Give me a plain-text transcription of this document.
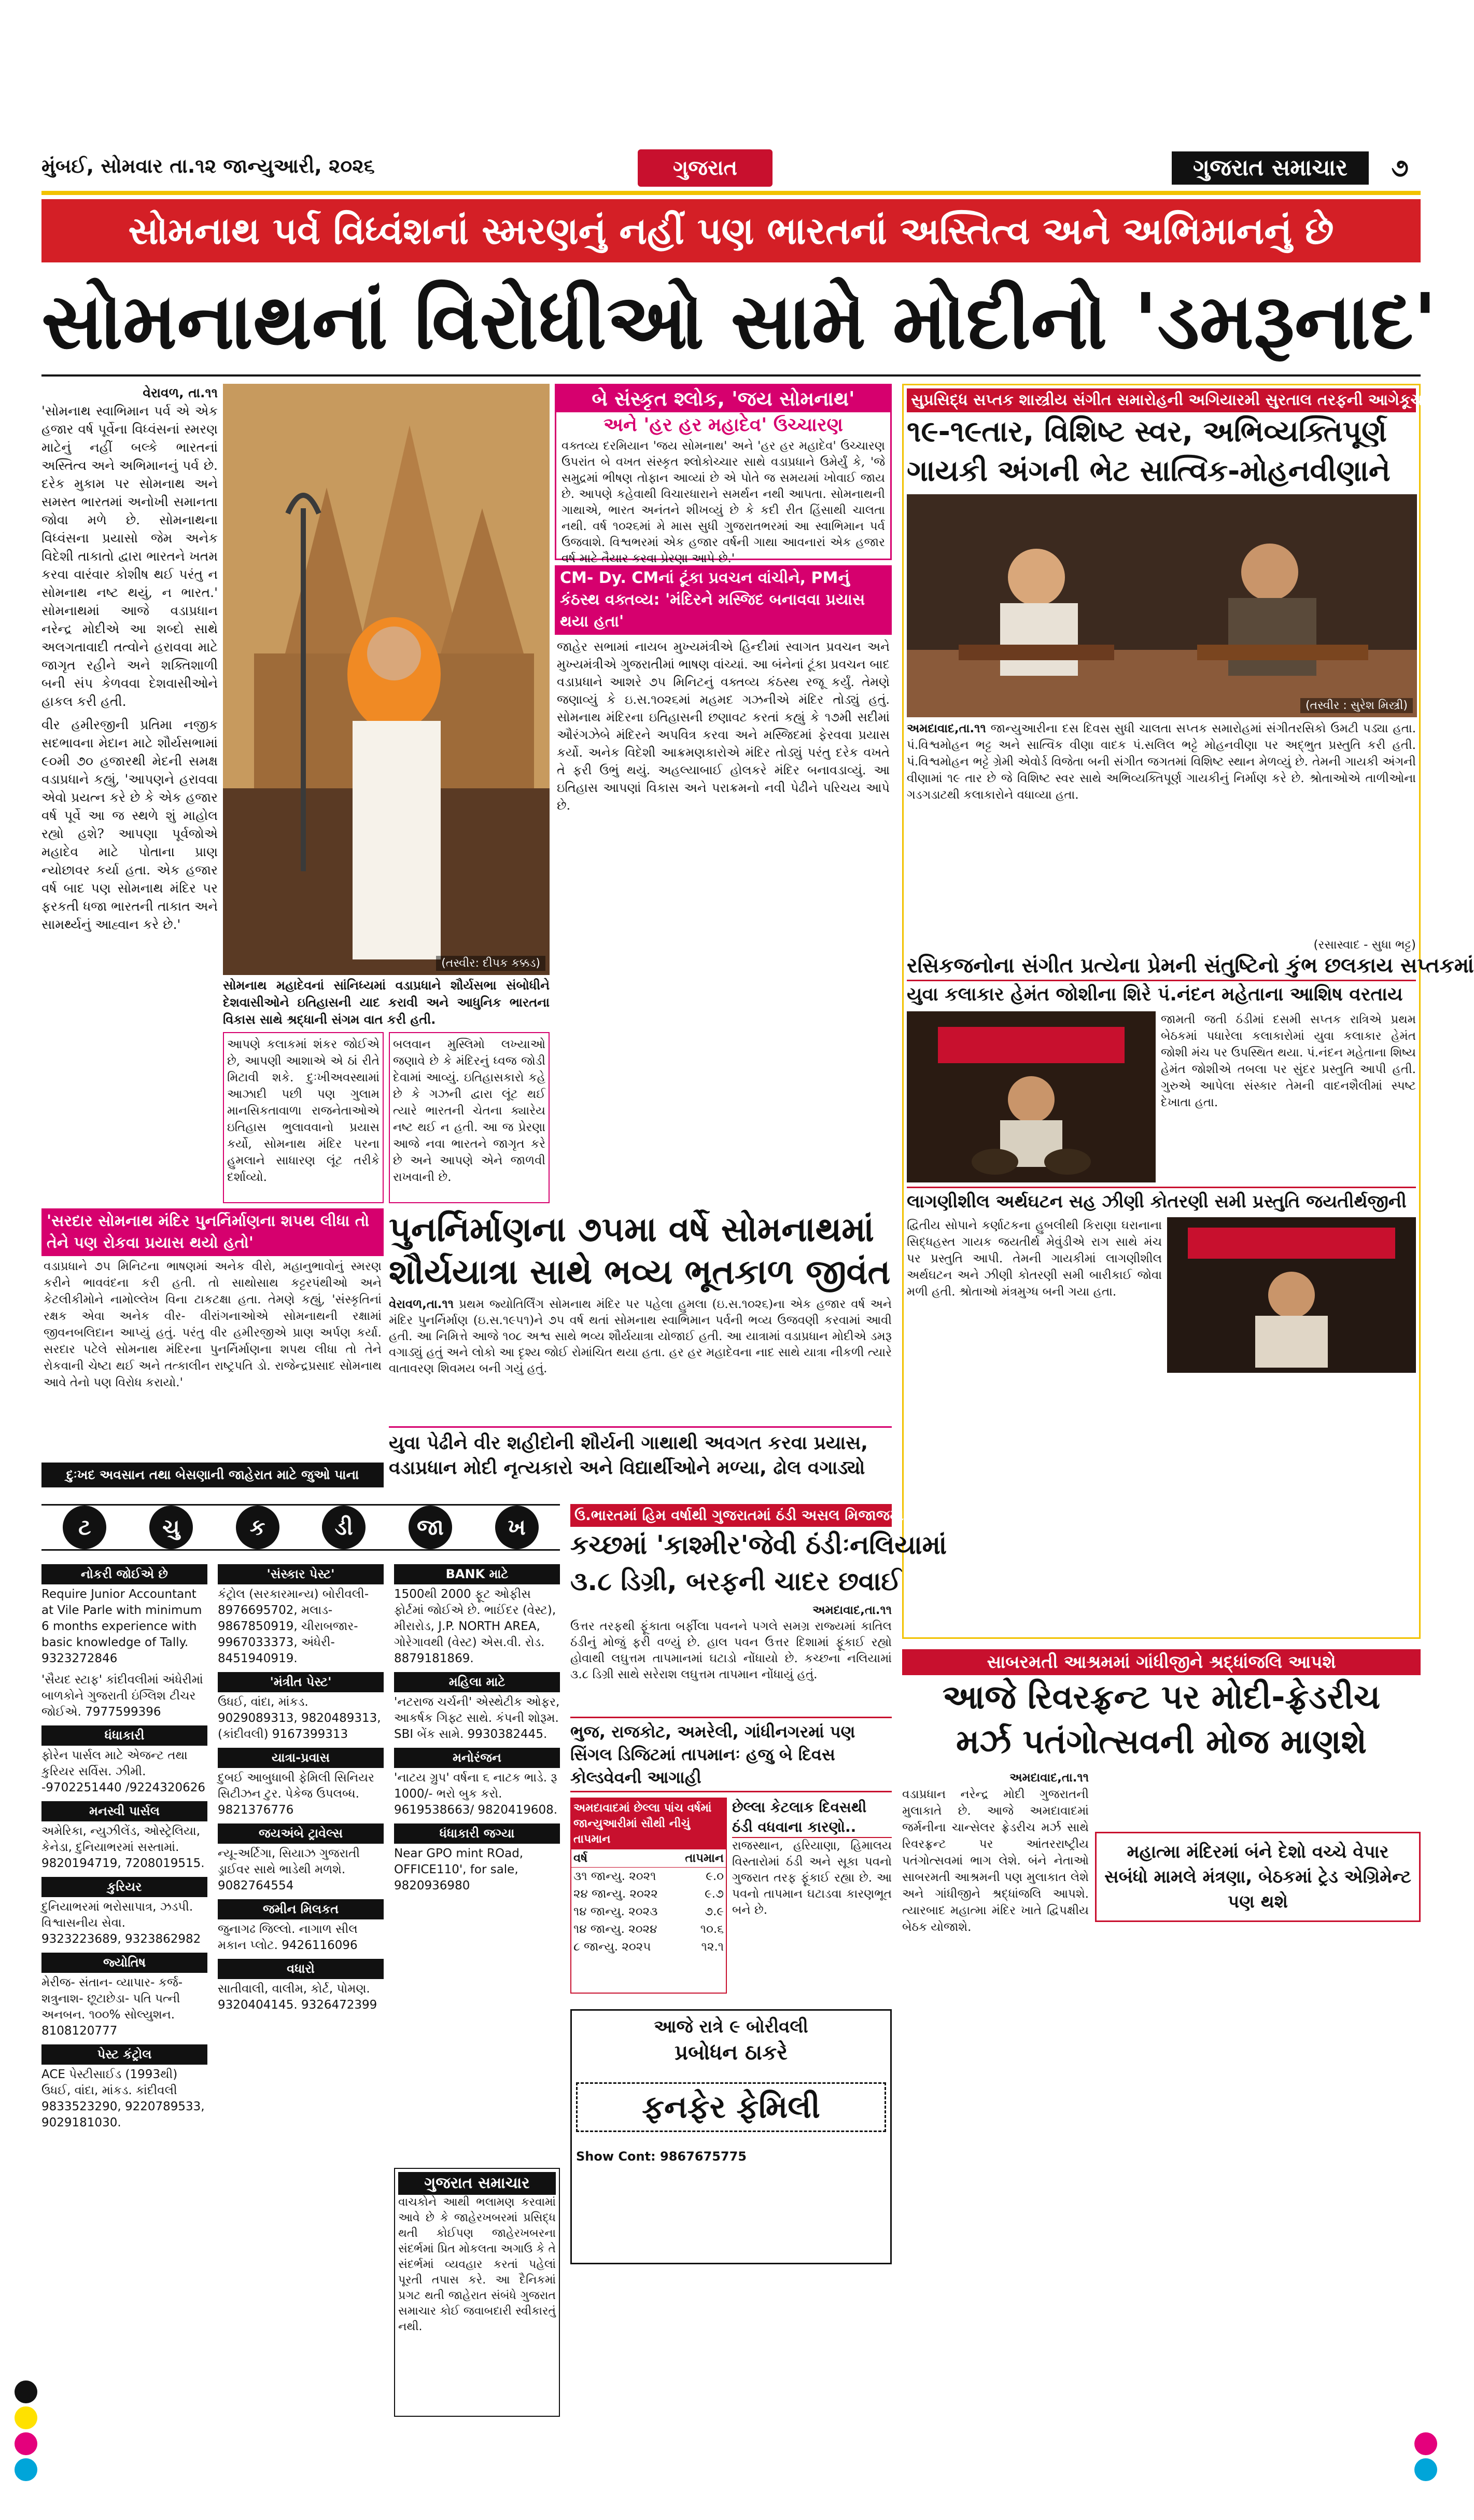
મુંબઈ, સોમવાર તા.૧૨ જાન્યુઆરી, ૨૦૨૬	ગુજરાત	ગુજરાત સમાચાર	૭
સોમનાથ પર્વ વિધ્વંશનાં સ્મરણનું નહીં પણ ભારતનાં અસ્તિત્વ અને અભિમાનનું છે
સોમનાથનાં વિરોધીઓ સામે મોદીનો 'ડમરૂનાદ'
વેરાવળ, તા.૧૧
'સોમનાથ સ્વાભિમાન પર્વ એ એક હજાર વર્ષ પૂર્વેના વિધ્વંસનાં સ્મરણ માટેનું નહીં બલ્કે ભારતનાં અસ્તિત્વ અને અભિમાનનું પર્વ છે. દરેક મુકામ પર સોમનાથ અને સમસ્ત ભારતમાં અનોખી સમાનતા જોવા મળે છે. સોમનાથના વિધ્વંસના પ્રયાસો જેમ અનેક વિદેશી તાકાતો દ્વારા ભારતને ખતમ કરવા વારંવાર કોશીષ થઈ પરંતુ ન સોમનાથ નષ્ટ થયું, ન ભારત.' સોમનાથમાં આજે વડાપ્રધાન નરેન્દ્ર મોદીએ આ શબ્દો સાથે અલગતાવાદી તત્વોને હરાવવા માટે જાગૃત રહીને અને શક્તિશાળી બની સંપ કેળવવા દેશવાસીઓને હાકલ કરી હતી.
વીર હમીરજીની પ્રતિમા નજીક સદભાવના મેદાન માટે શૌર્યસભામાં ૯૦મી ૭૦ હજારથી મેદની સમક્ષ વડાપ્રધાને કહ્યું, 'આપણને હરાવવા એવો પ્રયત્ન કરે છે કે એક હજાર વર્ષ પૂર્વે આ જ સ્થળે શું માહોલ રહ્યો હશે? આપણા પૂર્વજોએ મહાદેવ માટે પોતાના પ્રાણ ન્યોછાવર કર્યા હતા. એક હજાર વર્ષ બાદ પણ સોમનાથ મંદિર પર ફરકતી ધજા ભારતની તાકાત અને સામર્થ્યનું આહ્વાન કરે છે.'
(તસ્વીર: દીપક કક્કડ)
સોમનાથ મહાદેવનાં સાંનિધ્યમાં વડાપ્રધાને શૌર્યસભા સંબોધીને દેશવાસીઓને ઇતિહાસની યાદ કરાવી અને આધુનિક ભારતના વિકાસ સાથે શ્રદ્ધાની સંગમ વાત કરી હતી.
બે સંસ્કૃત શ્લોક, 'જય સોમનાથ'
અને 'હર હર મહાદેવ' ઉચ્ચારણ
વક્તવ્ય દરમિયાન 'જય સોમનાથ' અને 'હર હર મહાદેવ' ઉચ્ચારણ ઉપરાંત બે વખત સંસ્કૃત શ્લોકોચ્ચાર સાથે વડાપ્રધાને ઉમેર્યું કે, 'જે સમુદ્રમાં ભીષણ તોફાન આવ્યાં છે એ પોતે જ સમયમાં ખોવાઈ જાય છે. આપણે કહેવાથી વિચારધારાને સમર્થન નથી આપતા. સોમનાથની ગાથાએ, ભારત અનંતને શીખવ્યું છે કે કદી રીત હિંસાથી ચાલતા નથી. વર્ષ ૧૦૨૬માં મે માસ સુધી ગુજરાતભરમાં આ સ્વાભિમાન પર્વ ઉજવાશે. વિશ્વભરમાં એક હજાર વર્ષની ગાથા આવનારાં એક હજાર વર્ષ માટે તૈયાર કરવા પ્રેરણા આપે છે.'
CM- Dy. CMનાં ટૂંકા પ્રવચન વાંચીને, PMનું કંઠસ્થ વક્તવ્ય: 'મંદિરને મસ્જિદ બનાવવા પ્રયાસ થયા હતા'
જાહેર સભામાં નાયબ મુખ્યમંત્રીએ હિન્દીમાં સ્વાગત પ્રવચન અને મુખ્યમંત્રીએ ગુજરાતીમાં ભાષણ વાંચ્યાં. આ બંનેનાં ટૂંકા પ્રવચન બાદ વડાપ્રધાને આશરે ૭૫ મિનિટનું વક્તવ્ય કંઠસ્થ રજૂ કર્યું. તેમણે જણાવ્યું કે ઇ.સ.૧૦૨૬માં મહમદ ગઝનીએ મંદિર તોડ્યું હતું. સોમનાથ મંદિરના ઇતિહાસની છણાવટ કરતાં કહ્યું કે ૧૭મી સદીમાં ઔરંગઝેબે મંદિરને અપવિત્ર કરવા અને મસ્જિદમાં ફેરવવા પ્રયાસ કર્યો. અનેક વિદેશી આક્રમણકારોએ મંદિર તોડ્યું પરંતુ દરેક વખતે તે ફરી ઉભું થયું. અહલ્યાબાઈ હોલકરે મંદિર બનાવડાવ્યું. આ ઇતિહાસ આપણાં વિકાસ અને પરાક્રમનો નવી પેઢીને પરિચય આપે છે.
આપણે કલાકમાં શંકર જોઈએ છે, આપણી આશાએ એ ઠાં રીતે મિટાવી શકે. દુઃખીઅવસ્થામાં આઝાદી પછી પણ ગુલામ માનસિકતાવાળા રાજનેતાઓએ ઇતિહાસ ભુલાવવાનો પ્રયાસ કર્યો, સોમનાથ મંદિર પરના હુમલાને સાધારણ લૂંટ તરીકે દર્શાવ્યો.
બલવાન મુસ્લિમો લખ્યાઓ જણાવે છે કે મંદિરનું ધ્વજ જોડી દેવામાં આવ્યું. ઇતિહાસકારો કહે છે કે ગઝની દ્વારા લૂંટ થઈ ત્યારે ભારતની ચેતના ક્યારેય નષ્ટ થઈ ન હતી. આ જ પ્રેરણા આજે નવા ભારતને જાગૃત કરે છે અને આપણે એને જાળવી રાખવાની છે.
'સરદાર સોમનાથ મંદિર પુનર્નિર્માણના શપથ લીધા તો તેને પણ રોકવા પ્રયાસ થયો હતો'
વડાપ્રધાને ૭૫ મિનિટના ભાષણમાં અનેક વીરો, મહાનુભાવોનું સ્મરણ કરીને ભાવવંદના કરી હતી. તો સાથોસાથ કટ્ટરપંથીઓ અને કેટલીકીમોને નામોલ્લેખ વિના ટાકટક્ષા હતા. તેમણે કહ્યું, 'સંસ્કૃતિનાં રક્ષક એવા અનેક વીર- વીરાંગનાઓએ સોમનાથની રક્ષામાં જીવનબલિદાન આપ્યું હતું. પરંતુ વીર હમીરજીએ પ્રાણ અર્પણ કર્યા. સરદાર પટેલે સોમનાથ મંદિરના પુનર્નિર્માણના શપથ લીધા તો તેને રોકવાની ચેષ્ટા થઈ અને તત્કાલીન રાષ્ટ્રપતિ ડો. રાજેન્દ્રપ્રસાદ સોમનાથ આવે તેનો પણ વિરોધ કરાયો.'
દુઃખદ અવસાન તથા બેસણાની જાહેરાત માટે જુઓ પાના
પુનર્નિર્માણના ૭૫મા વર્ષે સોમનાથમાં
શૌર્યયાત્રા સાથે ભવ્ય ભૂતકાળ જીવંત
વેરાવળ,તા.૧૧ પ્રથમ જ્યોતિર્લિંગ સોમનાથ મંદિર પર પહેલા હુમલા (ઇ.સ.૧૦૨૬)ના એક હજાર વર્ષ અને મંદિર પુનર્નિર્માણ (ઇ.સ.૧૯૫૧)ને ૭૫ વર્ષ થતાં સોમનાથ સ્વાભિમાન પર્વની ભવ્ય ઉજવણી કરવામાં આવી હતી. આ નિમિત્તે આજે ૧૦૮ અશ્વ સાથે ભવ્ય શૌર્યયાત્રા યોજાઈ હતી. આ યાત્રામાં વડાપ્રધાન મોદીએ ડમરૂ વગાડ્યું હતું અને લોકો આ દૃશ્ય જોઈ રોમાંચિત થયા હતા. હર હર મહાદેવના નાદ સાથે યાત્રા નીકળી ત્યારે વાતાવરણ શિવમય બની ગયું હતું.
યુવા પેઢીને વીર શહીદોની શૌર્યની ગાથાથી અવગત કરવા પ્રયાસ, વડાપ્રધાન મોદી નૃત્યકારો અને વિદ્યાર્થીઓને મળ્યા, ઢોલ વગાડ્યો
સુપ્રસિદ્ધ સપ્તક શાસ્ત્રીય સંગીત સમારોહની અગિયારમી સુરતાલ તરફની આગેકૂચ
૧૯-૧૯તાર, વિશિષ્ટ સ્વર, અભિવ્યક્તિપૂર્ણ
ગાયકી અંગની ભેટ સાત્વિક-મોહનવીણાને
(તસ્વીર : સુરેશ મિસ્ત્રી)
અમદાવાદ,તા.૧૧ જાન્યુઆરીના દસ દિવસ સુધી ચાલતા સપ્તક સમારોહમાં સંગીતરસિકો ઉમટી પડ્યા હતા. પં.વિશ્વમોહન ભટ્ટ અને સાત્વિક વીણા વાદક પં.સલિલ ભટ્ટે મોહનવીણા પર અદ્ભુત પ્રસ્તુતિ કરી હતી. પં.વિશ્વમોહન ભટ્ટે ગ્રેમી એવોર્ડ વિજેતા બની સંગીત જગતમાં વિશિષ્ટ સ્થાન મેળવ્યું છે. તેમની ગાયકી અંગની વીણામાં ૧૯ તાર છે જે વિશિષ્ટ સ્વર સાથે અભિવ્યક્તિપૂર્ણ ગાયકીનું નિર્માણ કરે છે. શ્રોતાઓએ તાળીઓના ગડગડાટથી કલાકારોને વધાવ્યા હતા.
(રસાસ્વાદ - સુધા ભટ્ટ)
રસિકજનોના સંગીત પ્રત્યેના પ્રેમની સંતુષ્ટિનો કુંભ છલકાય સપ્તકમાં
યુવા કલાકાર હેમંત જોશીના શિરે પં.નંદન મહેતાના આશિષ વરતાય
જામતી જતી ઠંડીમાં દસમી સપ્તક રાત્રિએ પ્રથમ બેઠકમાં પધારેલા કલાકારોમાં યુવા કલાકાર હેમંત જોશી મંચ પર ઉપસ્થિત થયા. પં.નંદન મહેતાના શિષ્ય હેમંત જોશીએ તબલા પર સુંદર પ્રસ્તુતિ આપી હતી. ગુરુએ આપેલા સંસ્કાર તેમની વાદનશૈલીમાં સ્પષ્ટ દેખાતા હતા.
લાગણીશીલ અર્થઘટન સહ ઝીણી કોતરણી સમી પ્રસ્તુતિ જયતીર્થજીની
દ્વિતીય સોપાને કર્ણાટકના હુબલીથી કિરાણા ઘરાનાના સિદ્ધહસ્ત ગાયક જયતીર્થ મેવુંડીએ રાગ સાથે મંચ પર પ્રસ્તુતિ આપી. તેમની ગાયકીમાં લાગણીશીલ અર્થઘટન અને ઝીણી કોતરણી સમી બારીકાઈ જોવા મળી હતી. શ્રોતાઓ મંત્રમુગ્ધ બની ગયા હતા.
ટ	ચુ	ક	ડી	જા	ખ
નોકરી જોઈએ છે
Require Junior Accountant at Vile Parle with minimum 6 months experience with basic knowledge of Tally. 9323272846
'સૈયદ સ્ટાફ' કાંદીવલીમાં અંધેરીમાં બાળકોને ગુજરાતી ઇંગ્લિશ ટીચર જોઈએ. 7977599396
ધંધાકારી
ફોરેન પાર્સલ માટે એજન્ટ તથા કુરિયર સર્વિસ. ઝીમી. -9702251440 /9224320626
મનસ્વી પાર્સલ
અમેરિકા, ન્યુઝીલેંડ, ઓસ્ટ્રેલિયા, કેનેડા, દુનિયાભરમાં સસ્તામાં. 9820194719, 7208019515.
કુરિયર
દુનિયાભરમાં ભરોસાપાત્ર, ઝડપી. વિશ્વાસનીય સેવા. 9323223689, 9323862982
જ્યોતિષ
મેરીજ- સંતાન- વ્યાપાર- કર્જ- શત્રુનાશ- છૂટાછેડા- પતિ પત્ની અનબન. ૧૦૦% સોલ્યુશન. 8108120777
પેસ્ટ કંટ્રોલ
ACE પેસ્ટીસાઈડ (1993થી) ઉધઈ, વાંદા, માંકડ. કાંદીવલી 9833523290, 9220789533, 9029181030.
'સંસ્કાર પેસ્ટ'
કંટ્રોલ (સરકારમાન્ય) બોરીવલી- 8976695702, મલાડ- 9867850919, ચીરાબજાર- 9967033373, અંધેરી- 8451940919.
'મંત્રીત પેસ્ટ'
ઉધઈ, વાંદા, માંકડ. 9029089313, 9820489313, (કાંદીવલી) 9167399313
યાત્રા-પ્રવાસ
દુબઈ આબુધાબી ફેમિલી સિનિયર સિટીઝન ટુર. પેકેજ ઉપલબ્ધ. 9821376776
જયઅંબે ટ્રાવેલ્સ
ન્યૂ-અર્ટિગા, સિયાઝ ગુજરાતી ડ્રાઈવર સાથે ભાડેથી મળશે. 9082764554
જમીન મિલકત
જુનાગઢ જિલ્લો. નાગાળ સીલ મકાન પ્લોટ. 9426116096
વધારો
સાતીવાલી, વાલીમ, કોર્ટ, પોમણ. 9320404145. 9326472399
BANK માટે
1500થી 2000 ફૂટ ઓફીસ ફોર્ટમાં જોઈએ છે. ભાઈંદર (વેસ્ટ), મીરારોડ, J.P. NORTH AREA, ગોરેગાવથી (વેસ્ટ) એસ.વી. રોડ. 8879181869.
મહિલા માટે
'નટરાજ ચર્ચની' એસ્થેટીક ઓફર, આકર્ષક ગિફ્ટ સાથે. કંપની શોરૂમ. SBI બેંક સામે. 9930382445.
મનોરંજન
'નાટય ગ્રુપ' વર્ષના ૬ નાટક ભાડે. રૂ 1000/- ભરો બુક કરો. 9619538663/ 9820419608.
ધંધાકારી જગ્યા
Near GPO mint ROad, OFFICE110', for sale, 9820936980
ગુજરાત સમાચાર
વાચકોને આથી ભલામણ કરવામાં આવે છે કે જાહેરખબરમાં પ્રસિદ્ધ થતી કોઈપણ જાહેરખબરના સંદર્ભમાં પ્રિત મોકલતા અગાઉ કે તે સંદર્ભમાં વ્યવહાર કરતાં પહેલાં પૂરતી તપાસ કરે. આ દૈનિકમાં પ્રગટ થતી જાહેરાત સંબંધે ગુજરાત સમાચાર કોઈ જવાબદારી સ્વીકારતું નથી.
ઉ.ભારતમાં હિમ વર્ષાથી ગુજરાતમાં ઠંડી અસલ મિજાજમાં
કચ્છમાં 'કાશ્મીર'જેવી ઠંડીઃનલિયામાં
૩.૮ ડિગ્રી, બરફની ચાદર છવાઈ
અમદાવાદ,તા.૧૧
ઉત્તર તરફથી ફૂંકાતા બર્ફીલા પવનને પગલે સમગ્ર રાજ્યમાં કાતિલ ઠંડીનું મોજું ફરી વળ્યું છે. હાલ પવન ઉત્તર દિશામાં ફૂંકાઈ રહ્યો હોવાથી લઘુત્તમ તાપમાનમાં ઘટાડો નોંધાયો છે. કચ્છના નલિયામાં ૩.૮ ડિગ્રી સાથે સરેરાશ લઘુત્તમ તાપમાન નોંધાયું હતું.
ભુજ, રાજકોટ, અમરેલી, ગાંધીનગરમાં પણ સિંગલ ડિજિટમાં તાપમાનઃ હજુ બે દિવસ કોલ્ડવેવની આગાહી
અમદાવાદમાં છેલ્લા પાંચ વર્ષમાં જાન્યુઆરીમાં સૌથી નીચું તાપમાન
વર્ષ	તાપમાન
૩૧ જાન્યુ. ૨૦૨૧	૯.૦
૨૪ જાન્યુ. ૨૦૨૨	૯.૭
૧૪ જાન્યુ. ૨૦૨૩	૭.૯
૧૪ જાન્યુ. ૨૦૨૪	૧૦.૬
૮ જાન્યુ. ૨૦૨૫	૧૨.૧
છેલ્લા કેટલાક દિવસથી ઠંડી વધવાના કારણો..
રાજસ્થાન, હરિયાણા, હિમાલય વિસ્તારોમાં ઠંડી અને સૂકા પવનો ગુજરાત તરફ ફૂંકાઈ રહ્યા છે. આ પવનો તાપમાન ઘટાડવા કારણભૂત બને છે.
આજે રાત્રે ૯ બોરીવલી
પ્રબોધન ઠાકરે
ફનફેર ફેમિલી
Show Cont: 9867675775
સાબરમતી આશ્રમમાં ગાંધીજીને શ્રદ્ધાંજલિ આપશે
આજે રિવરફ્રન્ટ પર મોદી-ફ્રેડરીચ
મર્ઝ પતંગોત્સવની મોજ માણશે
અમદાવાદ,તા.૧૧
વડાપ્રધાન નરેન્દ્ર મોદી ગુજરાતની મુલાકાતે છે. આજે અમદાવાદમાં જર્મનીના ચાન્સેલર ફ્રેડરીચ મર્ઝ સાથે રિવરફ્રન્ટ પર આંતરરાષ્ટ્રીય પતંગોત્સવમાં ભાગ લેશે. બંને નેતાઓ સાબરમતી આશ્રમની પણ મુલાકાત લેશે અને ગાંધીજીને શ્રદ્ધાંજલિ આપશે. ત્યારબાદ મહાત્મા મંદિર ખાતે દ્વિપક્ષીય બેઠક યોજાશે.
મહાત્મા મંદિરમાં બંને દેશો વચ્ચે વેપાર સબંધો મામલે મંત્રણા, બેઠકમાં ટ્રેડ એગ્રિમેન્ટ પણ થશે
